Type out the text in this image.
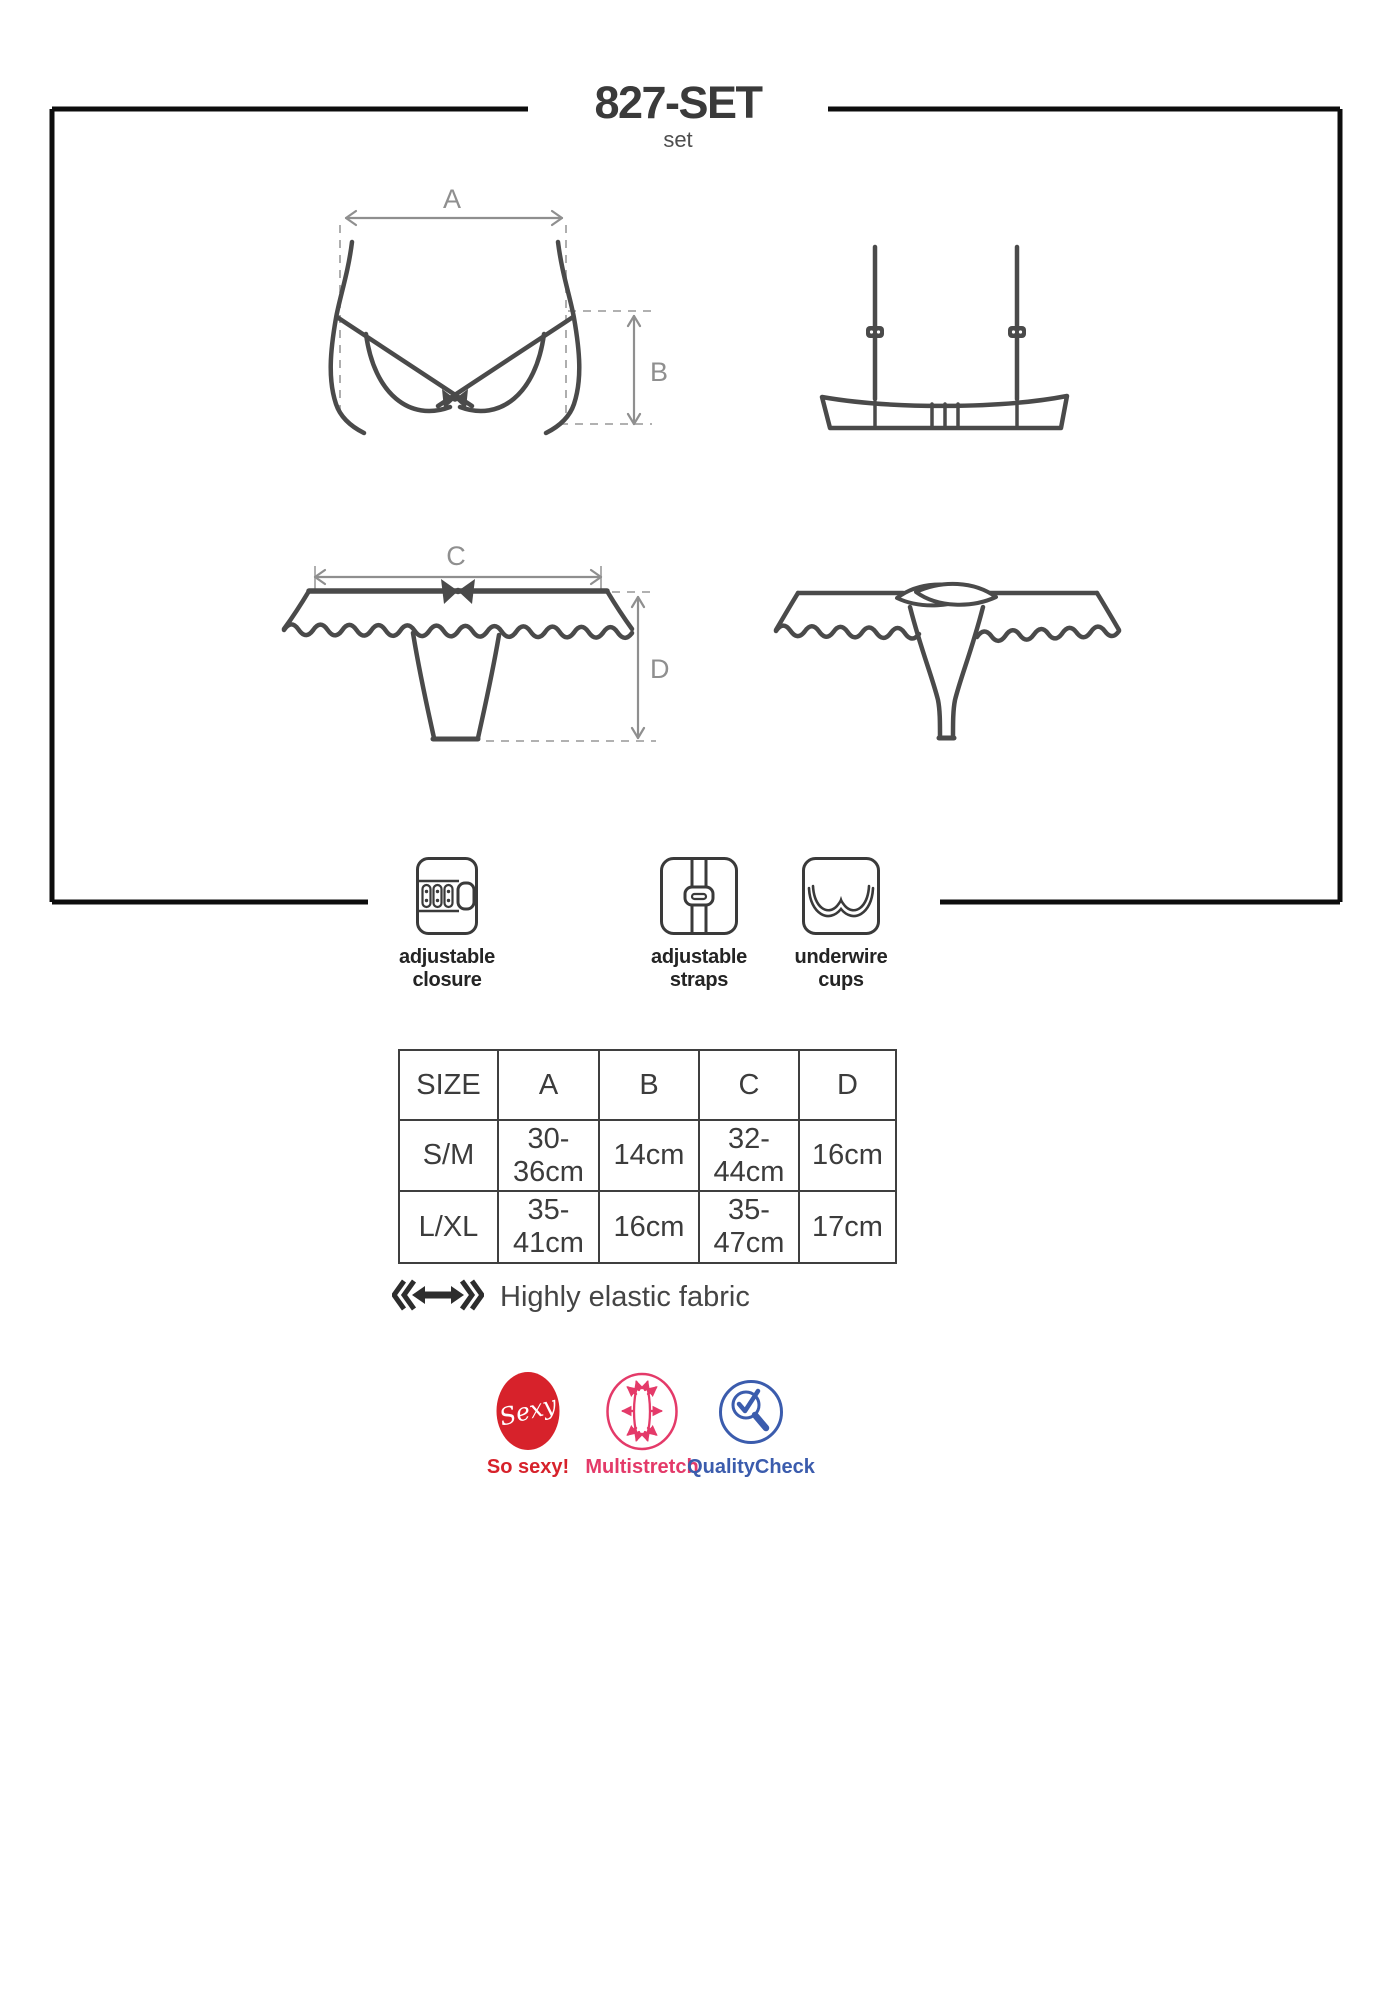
A
B
C
D
827-SET
set
adjustable
closure
adjustable
straps
underwire
cups
SIZE	A	B	C	D
S/M	30-36cm	14cm	32-44cm	16cm
L/XL	35-41cm	16cm	35-47cm	17cm
Highly elastic fabric
Sexy
So sexy! Multistretch
QualityCheck
